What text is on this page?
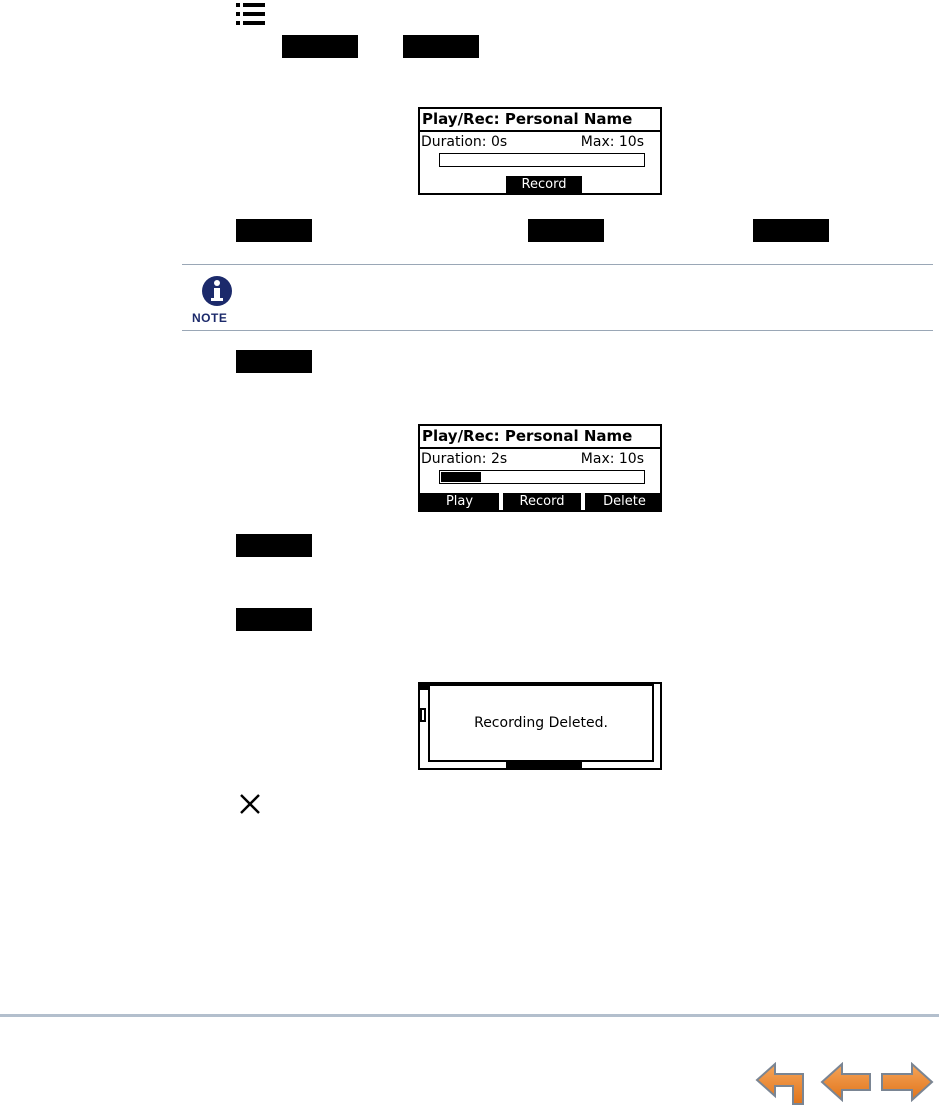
Play/Rec: Personal Name
Duration: 0s	Max: 10s
Record
NOTE
Play/Rec: Personal Name
Duration: 2s	Max: 10s
Play	Record	Delete
Recording Deleted.
